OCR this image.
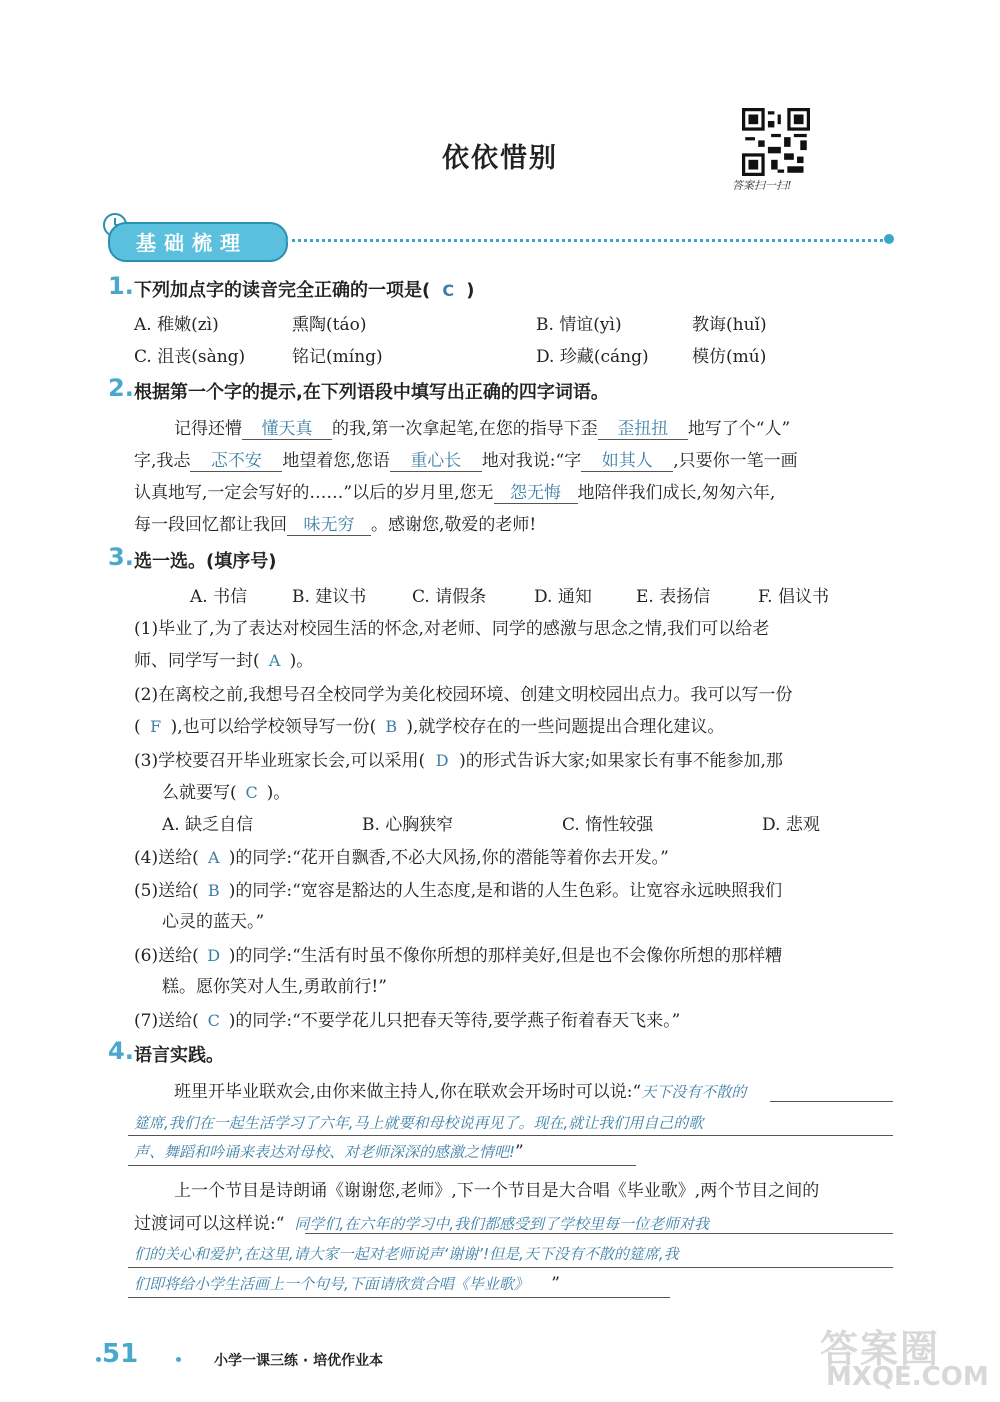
依依惜别
答案扫一扫!
基础梳理
1. 下列加点字的读音完全正确的一项是( C )
A. 稚嫩(zì)	熏陶(táo)	B. 情谊(yì)	教诲(huǐ)
C. 沮丧(sàng)	铭记(míng)	D. 珍藏(cáng)	模仿(mú)
2. 根据第一个字的提示,在下列语段中填写出正确的四字词语。
记得还懵 懂天真 的我,第一次拿起笔,在您的指导下歪 歪扭扭 地写了个“人”
字,我忐 忑不安 地望着您,您语 重心长 地对我说:“字 如其人 ,只要你一笔一画
认真地写,一定会写好的……”以后的岁月里,您无 怨无悔 地陪伴我们成长,匆匆六年,
每一段回忆都让我回 味无穷 。感谢您,敬爱的老师!
3. 选一选。(填序号)
A. 书信	B. 建议书	C. 请假条	D. 通知	E. 表扬信	F. 倡议书
(1)毕业了,为了表达对校园生活的怀念,对老师、同学的感激与思念之情,我们可以给老
师、同学写一封( A )。
(2)在离校之前,我想号召全校同学为美化校园环境、创建文明校园出点力。我可以写一份
( F ),也可以给学校领导写一份( B ),就学校存在的一些问题提出合理化建议。
(3)学校要召开毕业班家长会,可以采用( D )的形式告诉大家;如果家长有事不能参加,那
么就要写( C )。
A. 缺乏自信	B. 心胸狭窄	C. 惰性较强	D. 悲观
(4)送给( A )的同学:“花开自飘香,不必大风扬,你的潜能等着你去开发。”
(5)送给( B )的同学:“宽容是豁达的人生态度,是和谐的人生色彩。让宽容永远映照我们
心灵的蓝天。”
(6)送给( D )的同学:“生活有时虽不像你所想的那样美好,但是也不会像你所想的那样糟
糕。愿你笑对人生,勇敢前行!”
(7)送给( C )的同学:“不要学花儿只把春天等待,要学燕子衔着春天飞来。”
4. 语言实践。
班里开毕业联欢会,由你来做主持人,你在联欢会开场时可以说:“天下没有不散的
筵席,我们在一起生活学习了六年,马上就要和母校说再见了。现在,就让我们用自己的歌
声、舞蹈和吟诵来表达对母校、对老师深深的感激之情吧!”
上一个节目是诗朗诵《谢谢您,老师》,下一个节目是大合唱《毕业歌》,两个节目之间的
过渡词可以这样说:“ 同学们,在六年的学习中,我们都感受到了学校里每一位老师对我
们的关心和爱护,在这里,请大家一起对老师说声‘谢谢’!但是,天下没有不散的筵席,我
们即将给小学生活画上一个句号,下面请欣赏合唱《毕业歌》 ”
51	小学一课三练 · 培优作业本	答案圈
MXQE.COM
